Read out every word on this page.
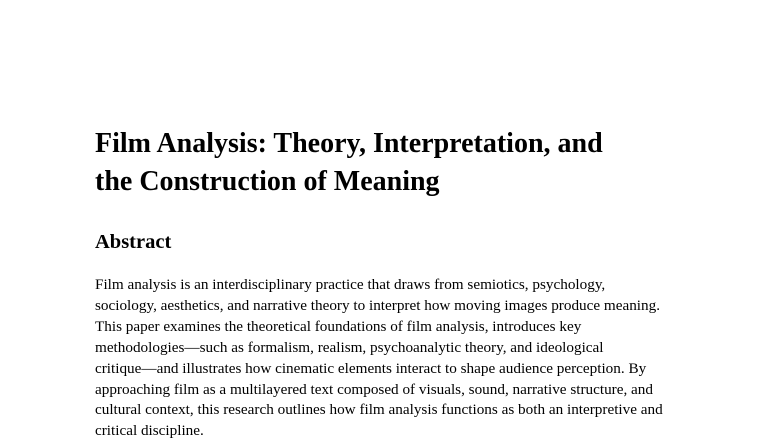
Film Analysis: Theory, Interpretation, and
the Construction of Meaning
Abstract

Film analysis is an interdisciplinary practice that draws from semiotics, psychology,
sociology, aesthetics, and narrative theory to interpret how moving images produce meaning.
This paper examines the theoretical foundations of film analysis, introduces key
methodologies—such as formalism, realism, psychoanalytic theory, and ideological
critique—and illustrates how cinematic elements interact to shape audience perception. By
approaching film as a multilayered text composed of visuals, sound, narrative structure, and
cultural context, this research outlines how film analysis functions as both an interpretive and
critical discipline.
